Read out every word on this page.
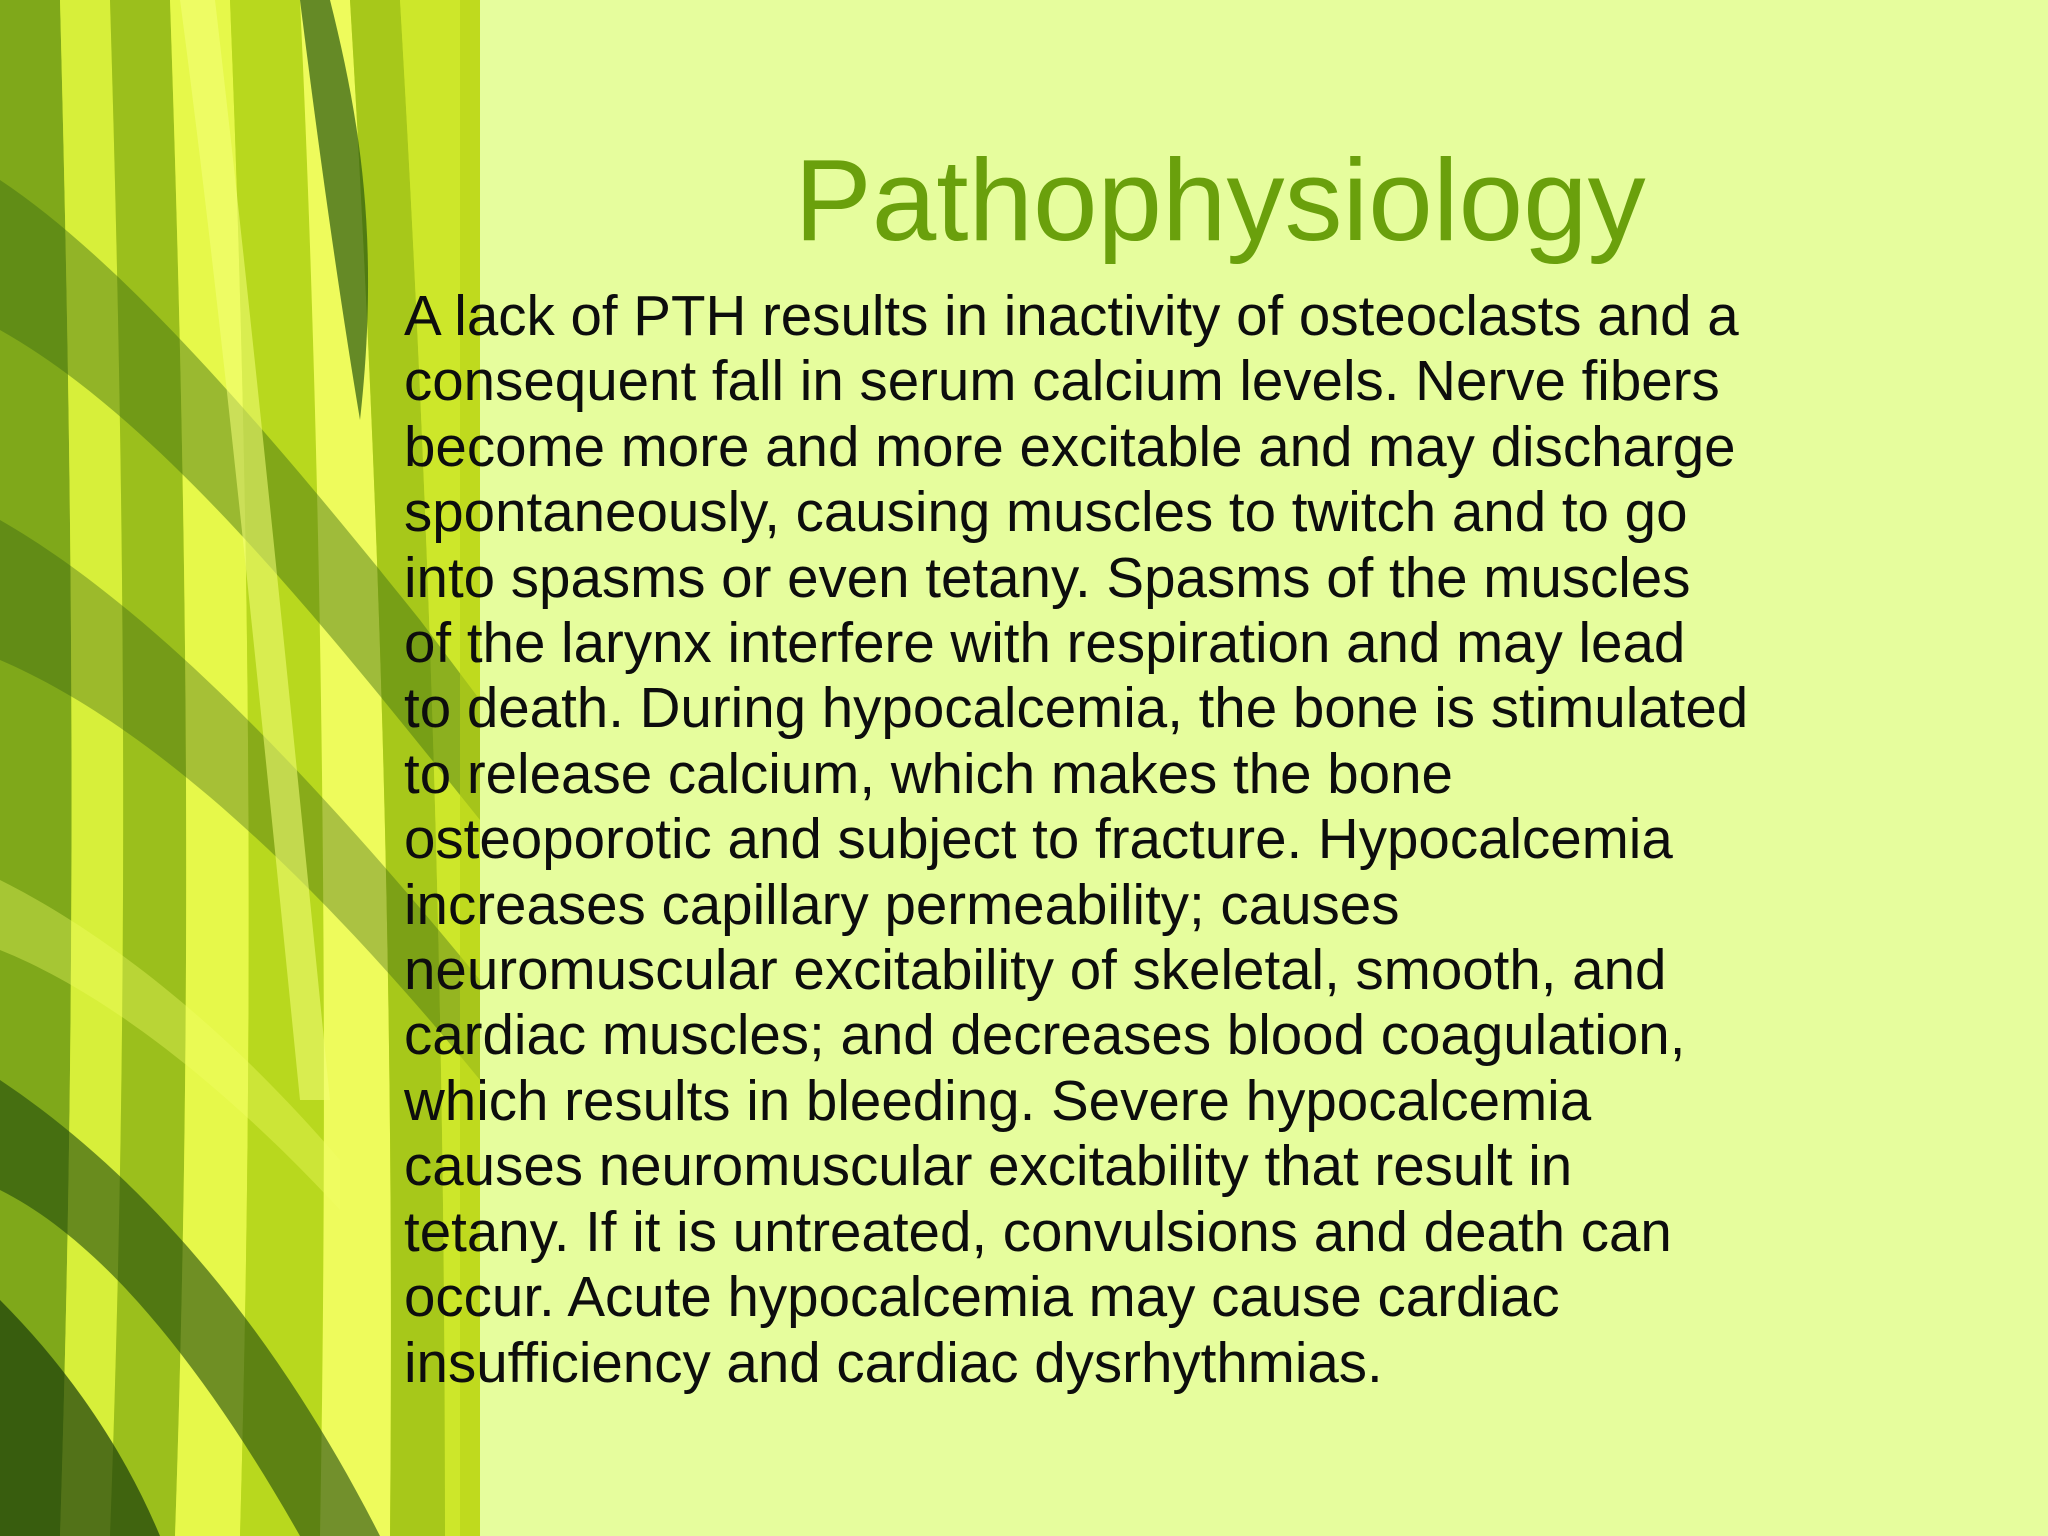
Pathophysiology

A lack of PTH results in inactivity of osteoclasts and a
consequent fall in serum calcium levels. Nerve fibers
become more and more excitable and may discharge
spontaneously, causing muscles to twitch and to go
into spasms or even tetany. Spasms of the muscles
of the larynx interfere with respiration and may lead
to death. During hypocalcemia, the bone is stimulated
to release calcium, which makes the bone
osteoporotic and subject to fracture. Hypocalcemia
increases capillary permeability; causes
neuromuscular excitability of skeletal, smooth, and
cardiac muscles; and decreases blood coagulation,
which results in bleeding. Severe hypocalcemia
causes neuromuscular excitability that result in
tetany. If it is untreated, convulsions and death can
occur. Acute hypocalcemia may cause cardiac
insufficiency and cardiac dysrhythmias.
